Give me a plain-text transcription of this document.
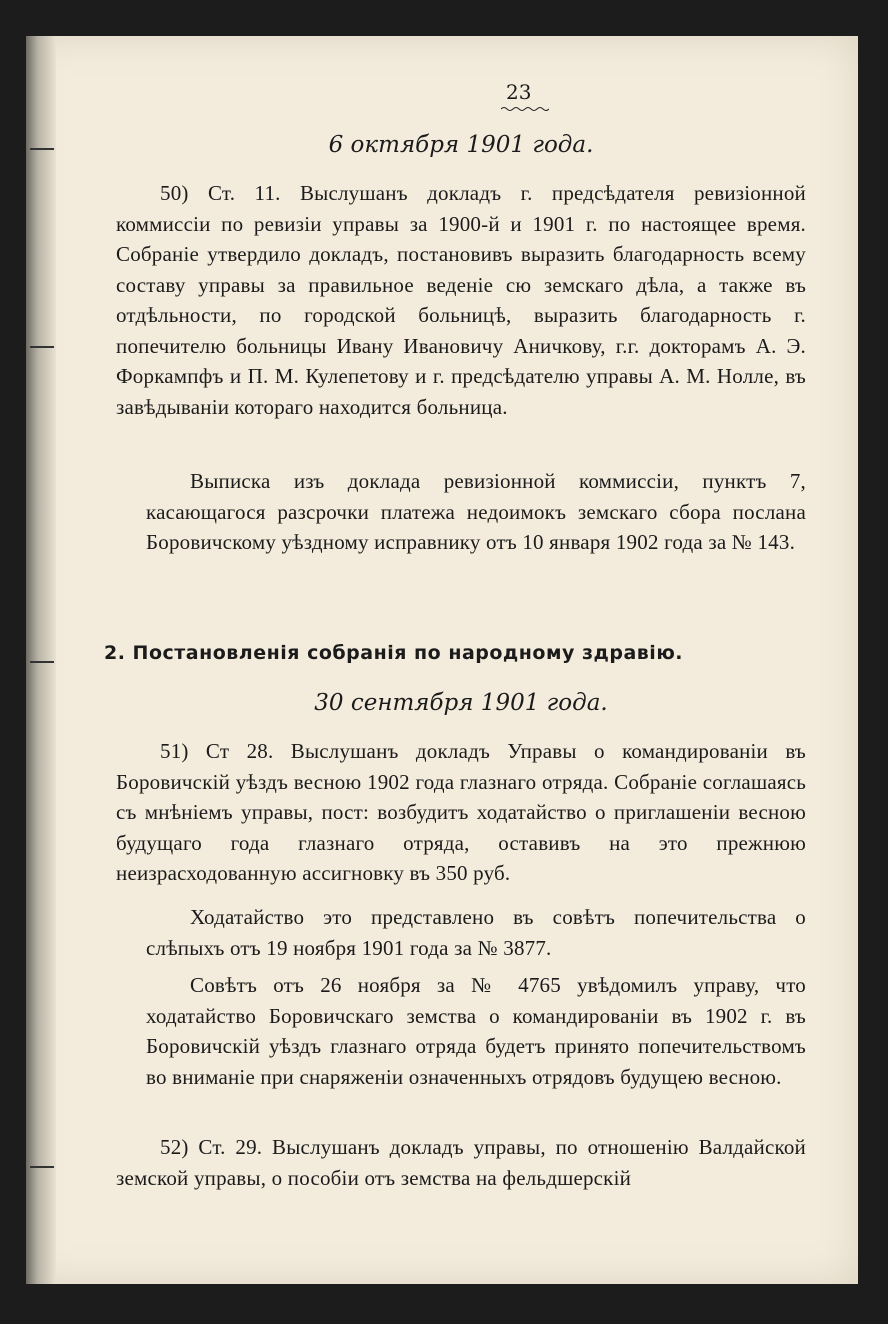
23
6 октября 1901 года.
50) Ст. 11. Выслушанъ докладъ г. предсѣдателя ревизіонной коммиссіи по ревизіи управы за 1900-й и 1901 г. по настоящее время. Собраніе утвердило докладъ, постановивъ выразить благодарность всему составу управы за правильное веденіе сю земскаго дѣла, а также въ отдѣльности, по городской больницѣ, выразить благодарность г. попечителю больницы Ивану Ивановичу Аничкову, г.г. докторамъ А. Э. Форкампфъ и П. М. Кулепетову и г. предсѣдателю управы А. М. Нолле, въ завѣдываніи котораго находится больница.
Выписка изъ доклада ревизіонной коммиссіи, пунктъ 7, касающагося разсрочки платежа недоимокъ земскаго сбора послана Боровичскому уѣздному исправнику отъ 10 января 1902 года за № 143.
2. Постановленія собранія по народному здравію.
30 сентября 1901 года.
51) Ст 28. Выслушанъ докладъ Управы о командированіи въ Боровичскій уѣздъ весною 1902 года глазнаго отряда. Собраніе соглашаясь съ мнѣніемъ управы, пост: возбудитъ ходатайство о приглашеніи весною будущаго года глазнаго отряда, оставивъ на это прежнюю неизрасходованную ассигновку въ 350 руб.
Ходатайство это представлено въ совѣтъ попечительства о слѣпыхъ отъ 19 ноября 1901 года за № 3877.
Совѣтъ отъ 26 ноября за № 4765 увѣдомилъ управу, что ходатайство Боровичскаго земства о командированіи въ 1902 г. въ Боровичскій уѣздъ глазнаго отряда будетъ принято попечительствомъ во вниманіе при снаряженіи означенныхъ отрядовъ будущею весною.
52) Ст. 29. Выслушанъ докладъ управы, по отношенію Валдайской земской управы, о пособіи отъ земства на фельдшерскій
